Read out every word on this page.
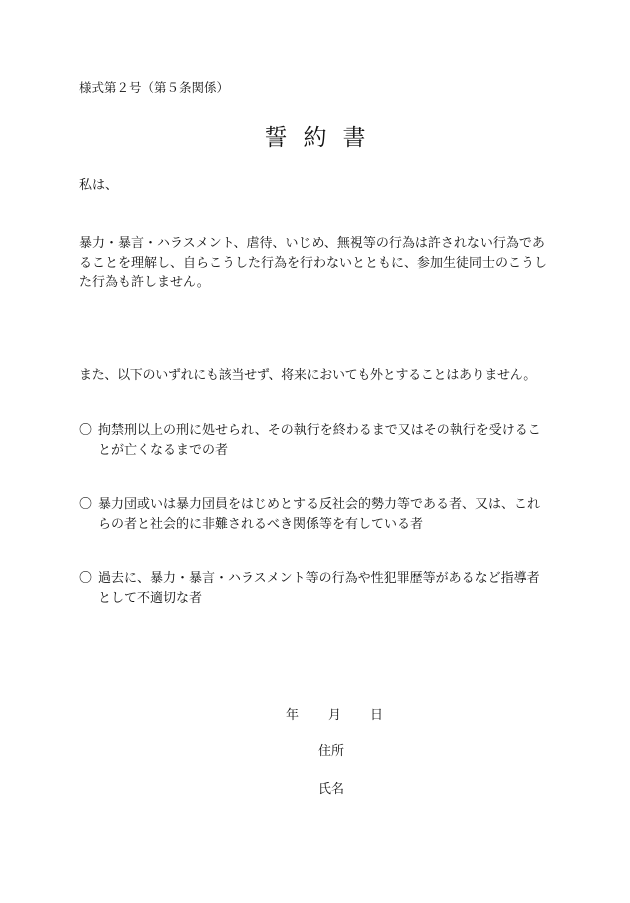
様式第２号（第５条関係）
誓約書
私は、
暴力・暴言・ハラスメント、虐待、いじめ、無視等の行為は許されない行為であることを理解し、自らこうした行為を行わないとともに、参加生徒同士のこうした行為も許しません。
また、以下のいずれにも該当せず、将来においても外とすることはありません。
〇 拘禁刑以上の刑に処せられ、その執行を終わるまで又はその執行を受けることが亡くなるまでの者
〇 暴力団或いは暴力団員をはじめとする反社会的勢力等である者、又は、これらの者と社会的に非難されるべき関係等を有している者
〇 過去に、暴力・暴言・ハラスメント等の行為や性犯罪歴等があるなど指導者として不適切な者
年 月 日
住所
氏名
